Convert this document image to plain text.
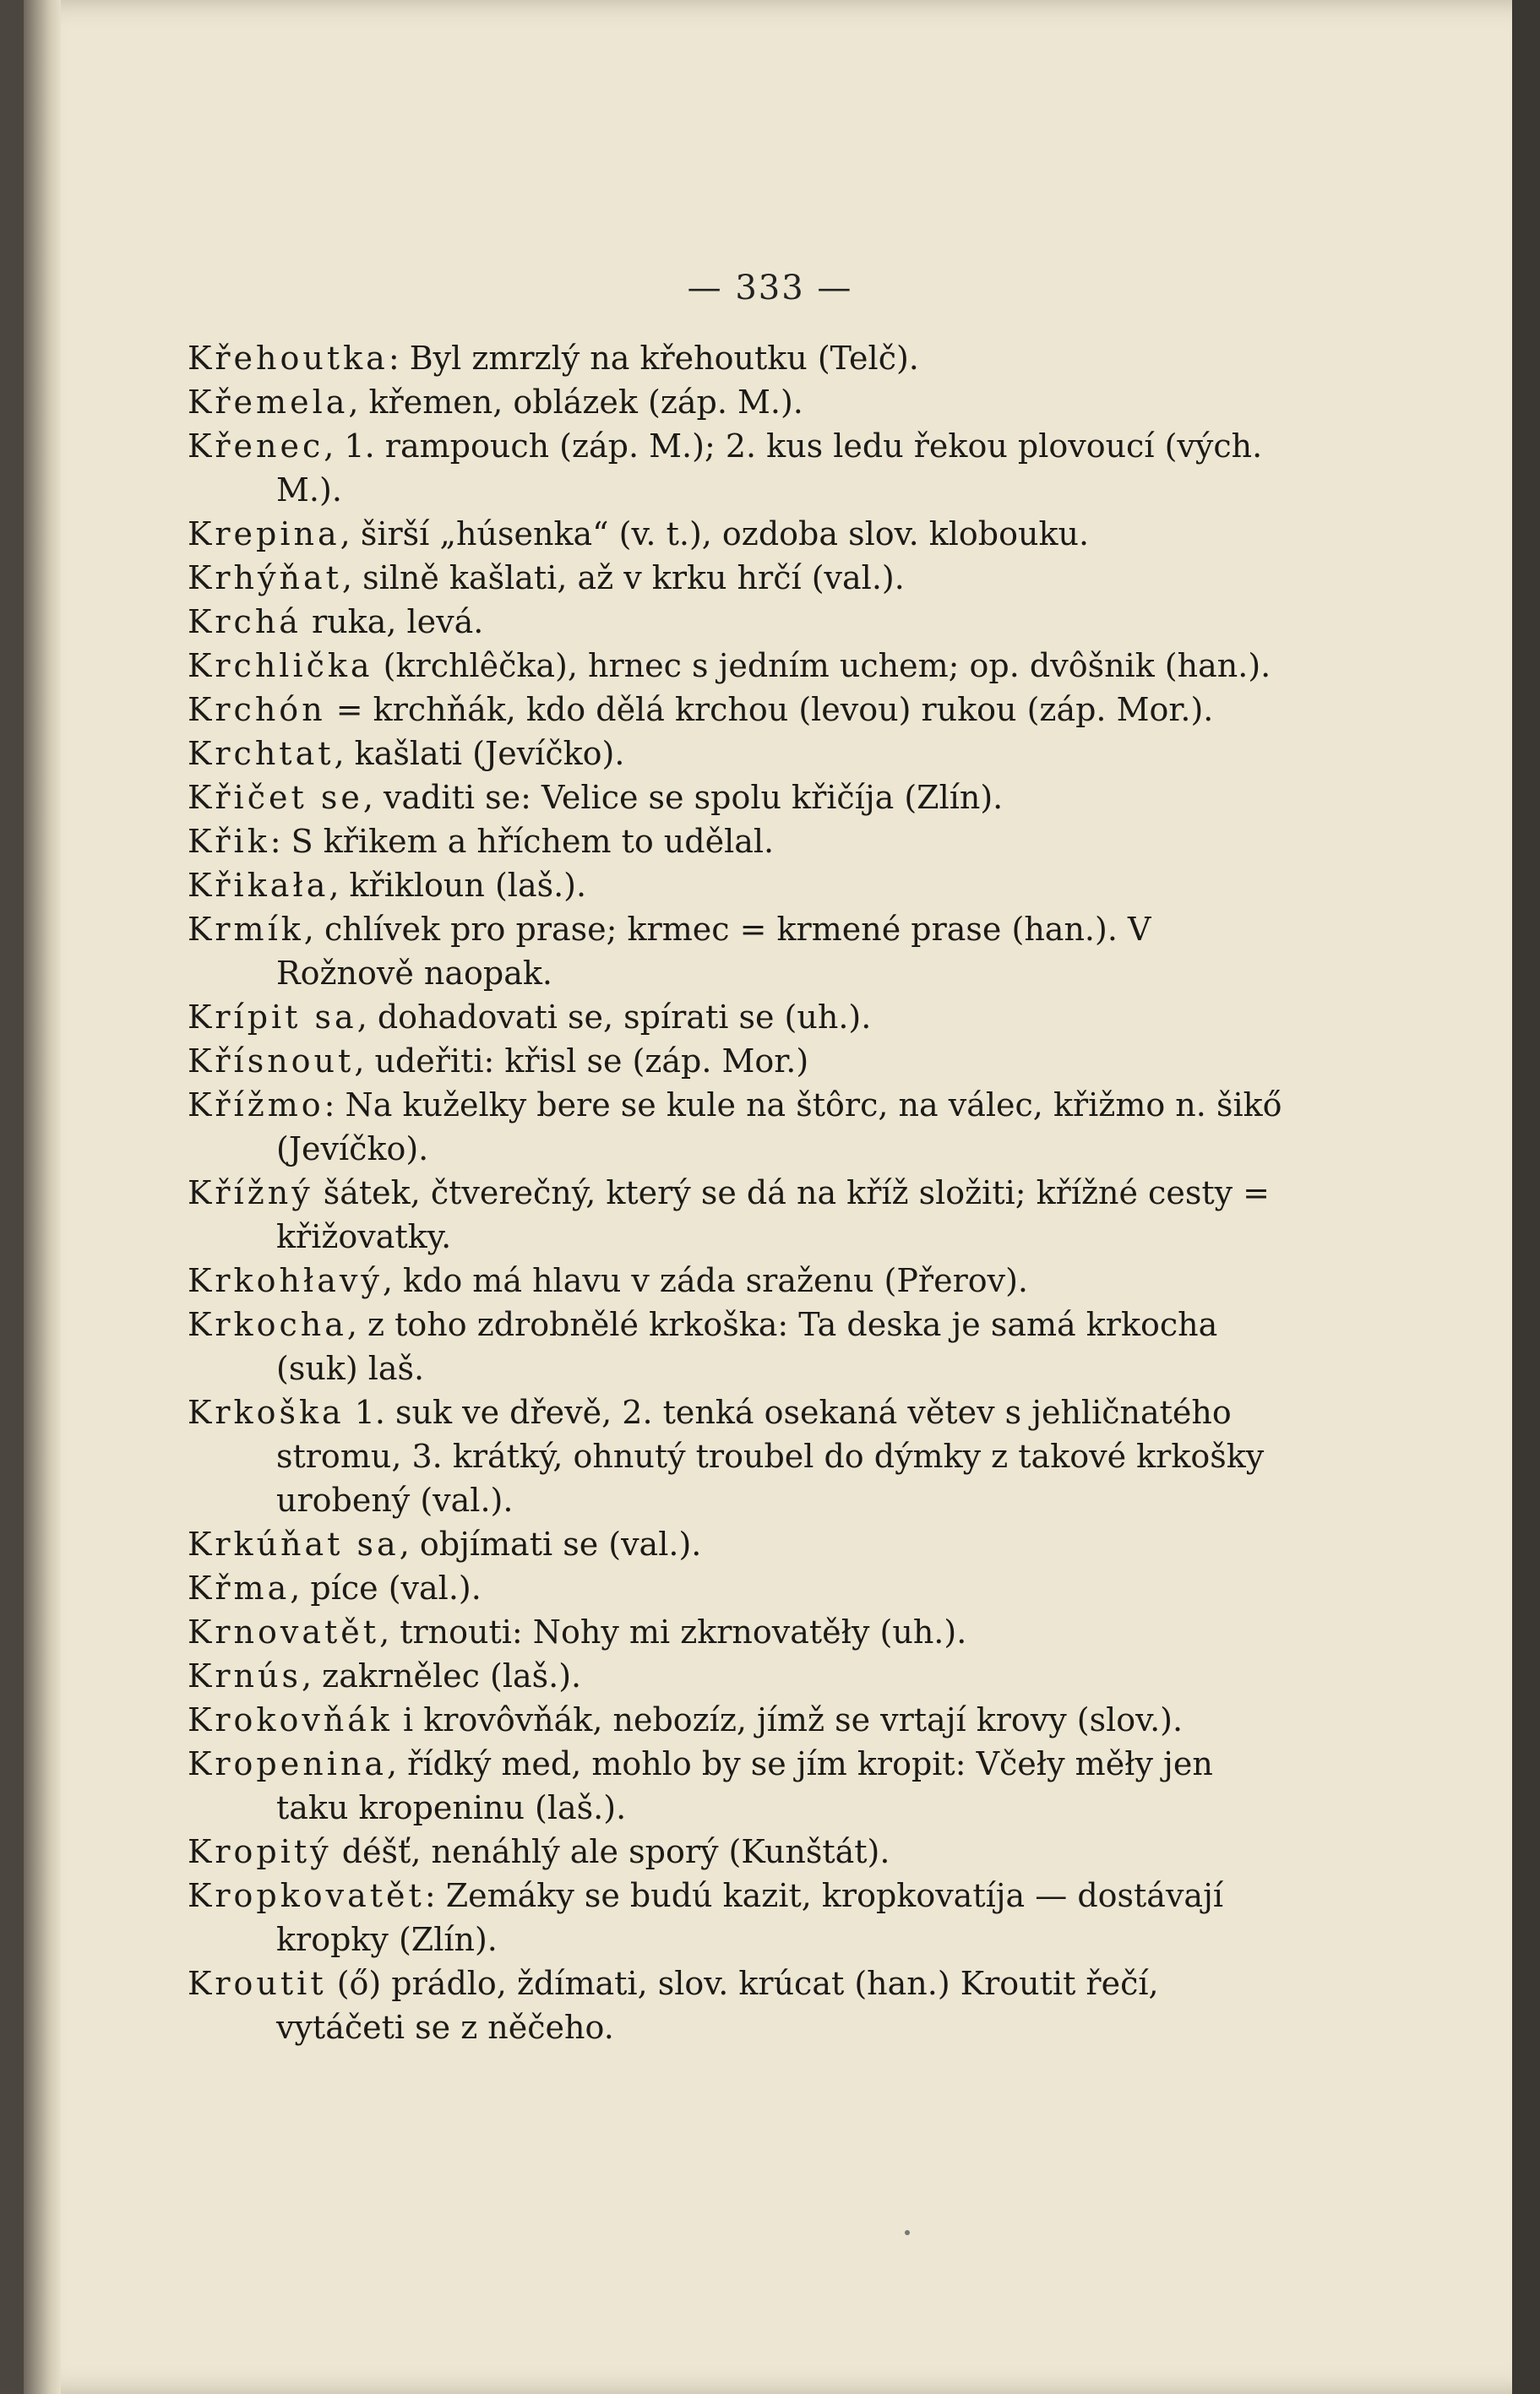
— 333 —

Křehoutka: Byl zmrzlý na křehoutku (Telč).

Křemela, křemen, oblázek (záp. M.).

Křenec, 1. rampouch (záp. M.); 2. kus ledu řekou plovoucí (vých. M.).

Krepina, širší „húsenka“ (v. t.), ozdoba slov. klobouku.

Krhýňat, silně kašlati, až v krku hrčí (val.).

Krchá ruka, levá.

Krchlička (krchlêčka), hrnec s jedním uchem; op. dvôšnik (han.).

Krchón = krchňák, kdo dělá krchou (levou) rukou (záp. Mor.).

Krchtat, kašlati (Jevíčko).

Křičet se, vaditi se: Velice se spolu křičíja (Zlín).

Křik: S křikem a hříchem to udělal.

Křikała, křikloun (laš.).

Krmík, chlívek pro prase; krmec = krmené prase (han.). V Rožnově naopak.

Krípit sa, dohadovati se, spírati se (uh.).

Křísnout, udeřiti: křisl se (záp. Mor.)

Křížmo: Na kuželky bere se kule na štôrc, na válec, křižmo n. šikő (Jevíčko).

Křížný šátek, čtverečný, který se dá na kříž složiti; křížné cesty = křižovatky.

Krkohłavý, kdo má hlavu v záda sraženu (Přerov).

Krkocha, z toho zdrobnělé krkoška: Ta deska je samá krkocha (suk) laš.

Krkoška 1. suk ve dřevě, 2. tenká osekaná větev s jehličnatého stromu, 3. krátký, ohnutý troubel do dýmky z takové krkošky urobený (val.).

Krkúňat sa, objímati se (val.).

Křma, píce (val.).

Krnovatět, trnouti: Nohy mi zkrnovatěły (uh.).

Krnús, zakrnělec (laš.).

Krokovňák i krovôvňák, nebozíz, jímž se vrtají krovy (slov.).

Kropenina, řídký med, mohlo by se jím kropit: Včeły měły jen taku kropeninu (laš.).

Kropitý déšť, nenáhlý ale sporý (Kunštát).

Kropkovatět: Zemáky se budú kazit, kropkovatíja — dostávají kropky (Zlín).

Kroutit (ő) prádlo, ždímati, slov. krúcat (han.) Kroutit řečí, vytáčeti se z něčeho.
